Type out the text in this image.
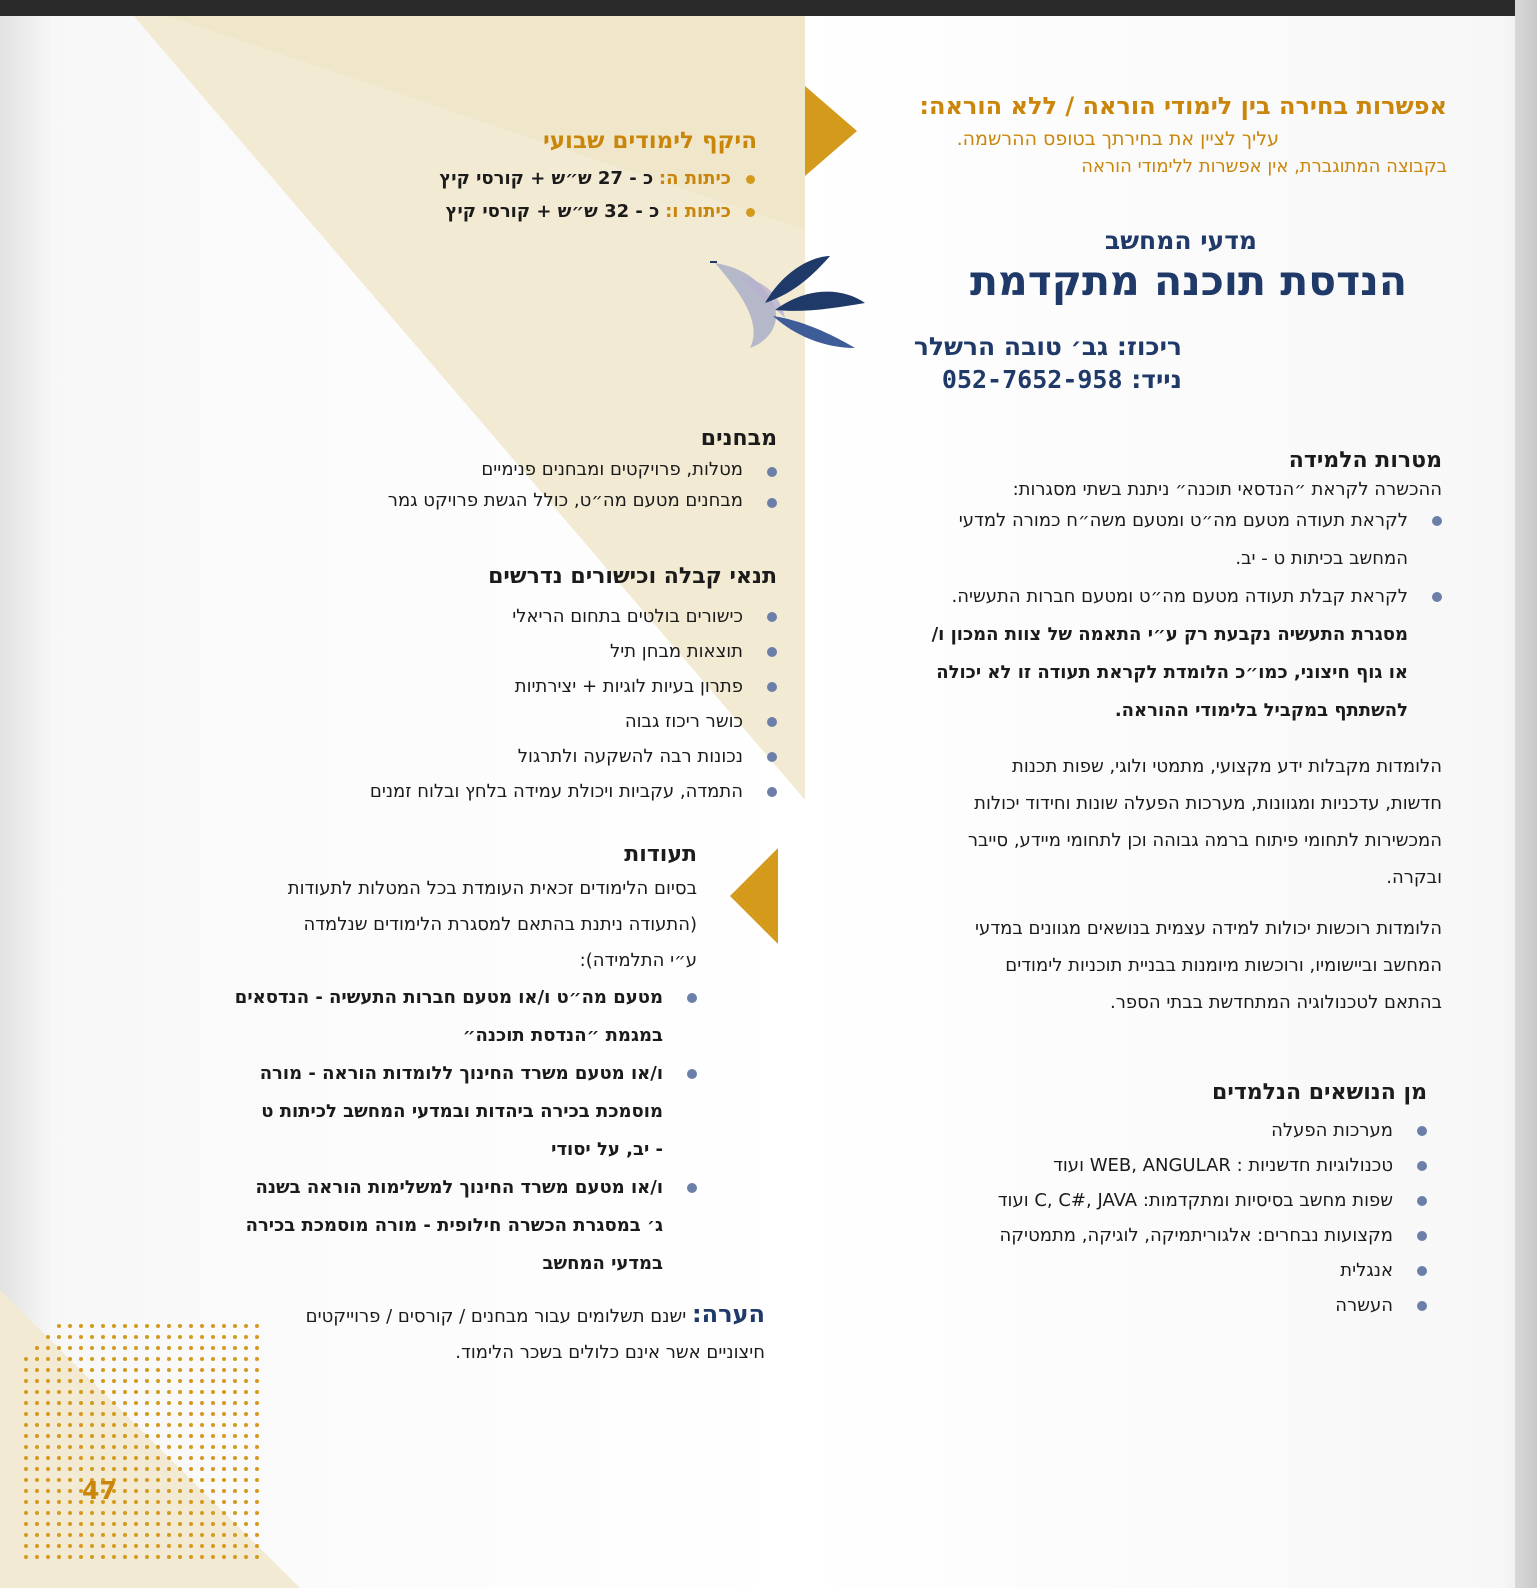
אפשרות בחירה בין לימודי הוראה / ללא הוראה:
עליך לציין את בחירתך בטופס ההרשמה.
בקבוצה המתוגברת, אין אפשרות ללימודי הוראה
היקף לימודים שבועי
כיתות ה: כ - 27 ש״ש + קורסי קיץ
כיתות ו: כ - 32 ש״ש + קורסי קיץ
מדעי המחשב
הנדסת תוכנה מתקדמת
ריכוז: גב׳ טובה הרשלר
נייד: 052-7652-958
מבחנים
מטלות, פרויקטים ומבחנים פנימיים
מבחנים מטעם מה״ט, כולל הגשת פרויקט גמר
תנאי קבלה וכישורים נדרשים
כישורים בולטים בתחום הריאלי
תוצאות מבחן תיל
פתרון בעיות לוגיות + יצירתיות
כושר ריכוז גבוה
נכונות רבה להשקעה ולתרגול
התמדה, עקביות ויכולת עמידה בלחץ ובלוח זמנים
תעודות
בסיום הלימודים זכאית העומדת בכל המטלות לתעודות
(התעודה ניתנת בהתאם למסגרת הלימודים שנלמדה
ע״י התלמידה):
מטעם מה״ט ו/או מטעם חברות התעשיה - הנדסאים
במגמת ״הנדסת תוכנה״
ו/או מטעם משרד החינוך ללומדות הוראה - מורה
מוסמכת בכירה ביהדות ובמדעי המחשב לכיתות ט
- יב, על יסודי
ו/או מטעם משרד החינוך למשלימות הוראה בשנה
ג׳ במסגרת הכשרה חילופית - מורה מוסמכת בכירה
במדעי המחשב
הערה: ישנם תשלומים עבור מבחנים / קורסים / פרוייקטים
חיצוניים אשר אינם כלולים בשכר הלימוד.
מטרות הלמידה
ההכשרה לקראת ״הנדסאי תוכנה״ ניתנת בשתי מסגרות:
לקראת תעודה מטעם מה״ט ומטעם משה״ח כמורה למדעי
המחשב בכיתות ט - יב.
לקראת קבלת תעודה מטעם מה״ט ומטעם חברות התעשיה.
מסגרת התעשיה נקבעת רק ע״י התאמה של צוות המכון ו/
או גוף חיצוני, כמו״כ הלומדת לקראת תעודה זו לא יכולה
להשתתף במקביל בלימודי ההוראה.
הלומדות מקבלות ידע מקצועי, מתמטי ולוגי, שפות תכנות
חדשות, עדכניות ומגוונות, מערכות הפעלה שונות וחידוד יכולות
המכשירות לתחומי פיתוח ברמה גבוהה וכן לתחומי מיידע, סייבר
ובקרה.
הלומדות רוכשות יכולות למידה עצמית בנושאים מגוונים במדעי
המחשב וביישומיו, ורוכשות מיומנות בבניית תוכניות לימודים
בהתאם לטכנולוגיה המתחדשת בבתי הספר.
מן הנושאים הנלמדים
מערכות הפעלה
טכנולוגיות חדשניות : WEB, ANGULAR ועוד
שפות מחשב בסיסיות ומתקדמות: C, C#, JAVA ועוד
מקצועות נבחרים: אלגוריתמיקה, לוגיקה, מתמטיקה
אנגלית
העשרה
47
